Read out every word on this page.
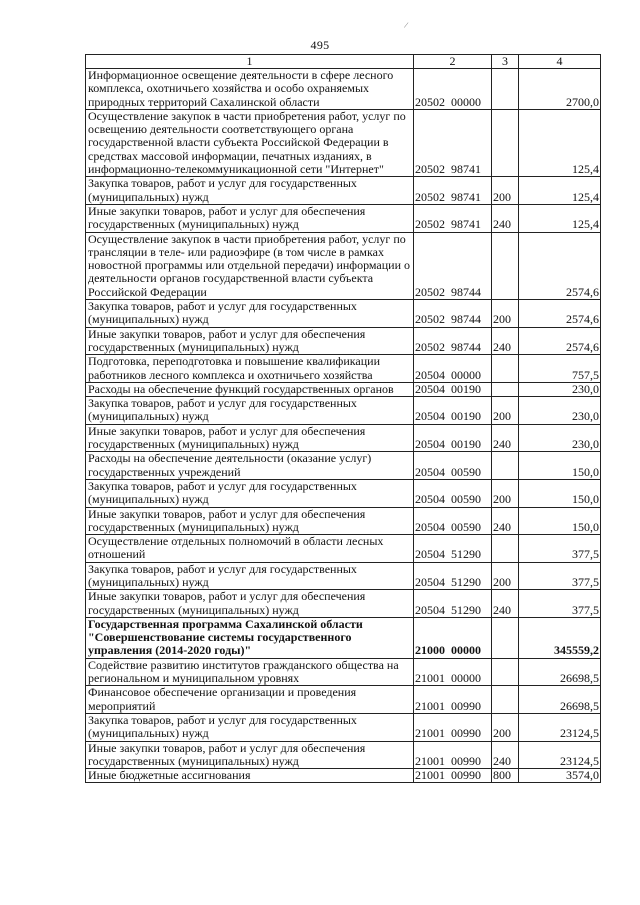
/
495
1	2	3	4
Информационное освещение деятельности в сфере лесного комплекса, охотничьего хозяйства и особо охраняемых природных территорий Сахалинской области	20502  00000		2700,0
Осуществление закупок в части приобретения работ, услуг по освещению деятельности соответствующего органа государственной власти субъекта Российской Федерации в средствах массовой информации, печатных изданиях, в информационно-телекоммуникационной сети "Интернет"	20502  98741		125,4
Закупка товаров, работ и услуг для государственных (муниципальных) нужд	20502  98741	200	125,4
Иные закупки товаров, работ и услуг для обеспечения государственных (муниципальных) нужд	20502  98741	240	125,4
Осуществление закупок в части приобретения работ, услуг по трансляции в теле- или радиоэфире (в том числе в рамках новостной программы или отдельной передачи) информации о деятельности органов государственной власти субъекта Российской Федерации	20502  98744		2574,6
Закупка товаров, работ и услуг для государственных (муниципальных) нужд	20502  98744	200	2574,6
Иные закупки товаров, работ и услуг для обеспечения государственных (муниципальных) нужд	20502  98744	240	2574,6
Подготовка, переподготовка и повышение квалификации работников лесного комплекса и охотничьего хозяйства	20504  00000		757,5
Расходы на обеспечение функций государственных органов	20504  00190		230,0
Закупка товаров, работ и услуг для государственных (муниципальных) нужд	20504  00190	200	230,0
Иные закупки товаров, работ и услуг для обеспечения государственных (муниципальных) нужд	20504  00190	240	230,0
Расходы на обеспечение деятельности (оказание услуг) государственных учреждений	20504  00590		150,0
Закупка товаров, работ и услуг для государственных (муниципальных) нужд	20504  00590	200	150,0
Иные закупки товаров, работ и услуг для обеспечения государственных (муниципальных) нужд	20504  00590	240	150,0
Осуществление отдельных полномочий в области лесных отношений	20504  51290		377,5
Закупка товаров, работ и услуг для государственных (муниципальных) нужд	20504  51290	200	377,5
Иные закупки товаров, работ и услуг для обеспечения государственных (муниципальных) нужд	20504  51290	240	377,5
Государственная программа Сахалинской области "Совершенствование системы государственного управления (2014-2020 годы)"	21000  00000		345559,2
Содействие развитию институтов гражданского общества на региональном и муниципальном уровнях	21001  00000		26698,5
Финансовое обеспечение организации и проведения мероприятий	21001  00990		26698,5
Закупка товаров, работ и услуг для государственных (муниципальных) нужд	21001  00990	200	23124,5
Иные закупки товаров, работ и услуг для обеспечения государственных (муниципальных) нужд	21001  00990	240	23124,5
Иные бюджетные ассигнования	21001  00990	800	3574,0
